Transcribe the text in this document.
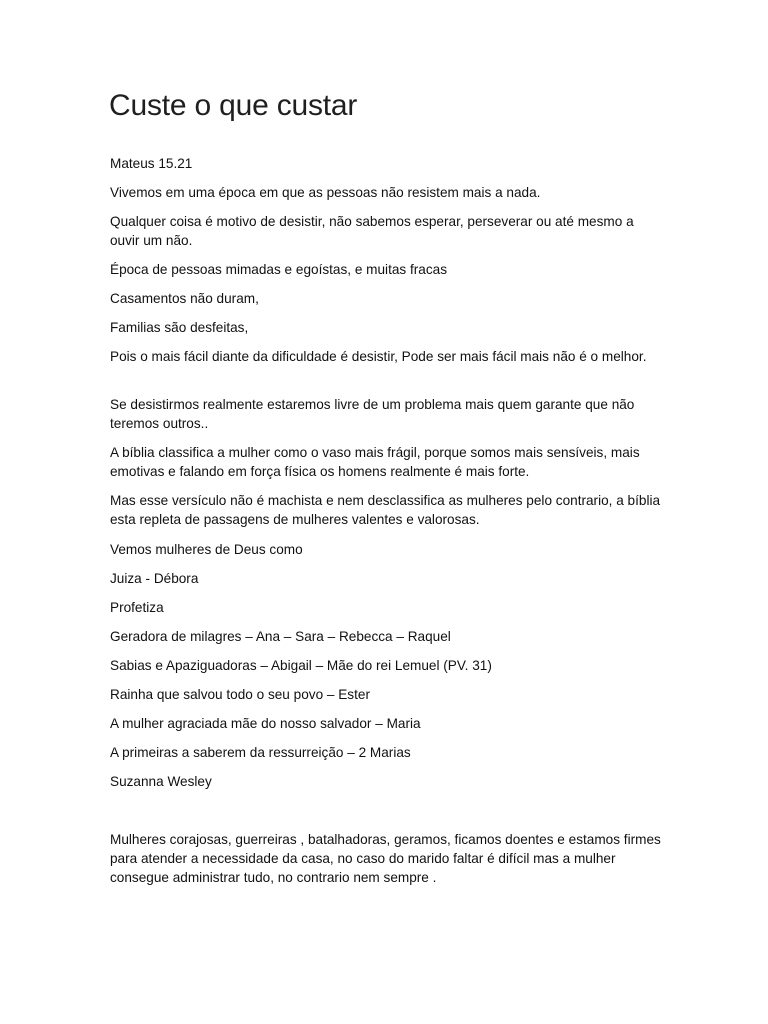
Custe o que custar

Mateus 15.21

Vivemos em uma época em que as pessoas não resistem mais a nada.

Qualquer coisa é motivo de desistir, não sabemos esperar, perseverar ou até mesmo a ouvir um não.

Época de pessoas mimadas e egoístas, e muitas fracas

Casamentos não duram,

Familias são desfeitas,

Pois o mais fácil diante da dificuldade é desistir, Pode ser mais fácil mais não é o melhor.

Se desistirmos realmente estaremos livre de um problema mais quem garante que não teremos outros..

A bíblia classifica a mulher como o vaso mais frágil, porque somos mais sensíveis, mais emotivas e falando em força física os homens realmente é mais forte.

Mas esse versículo não é machista e nem desclassifica as mulheres pelo contrario, a bíblia esta repleta de passagens de mulheres valentes e valorosas.

Vemos mulheres de Deus como

Juiza - Débora

Profetiza

Geradora de milagres – Ana – Sara – Rebecca – Raquel

Sabias e Apaziguadoras – Abigail – Mãe do rei Lemuel (PV. 31)

Rainha que salvou todo o seu povo – Ester

A mulher agraciada mãe do nosso salvador – Maria

A primeiras a saberem da ressurreição – 2 Marias

Suzanna Wesley

Mulheres corajosas, guerreiras , batalhadoras, geramos, ficamos doentes e estamos firmes para atender a necessidade da casa, no caso do marido faltar é difícil mas a mulher consegue administrar tudo, no contrario nem sempre .
